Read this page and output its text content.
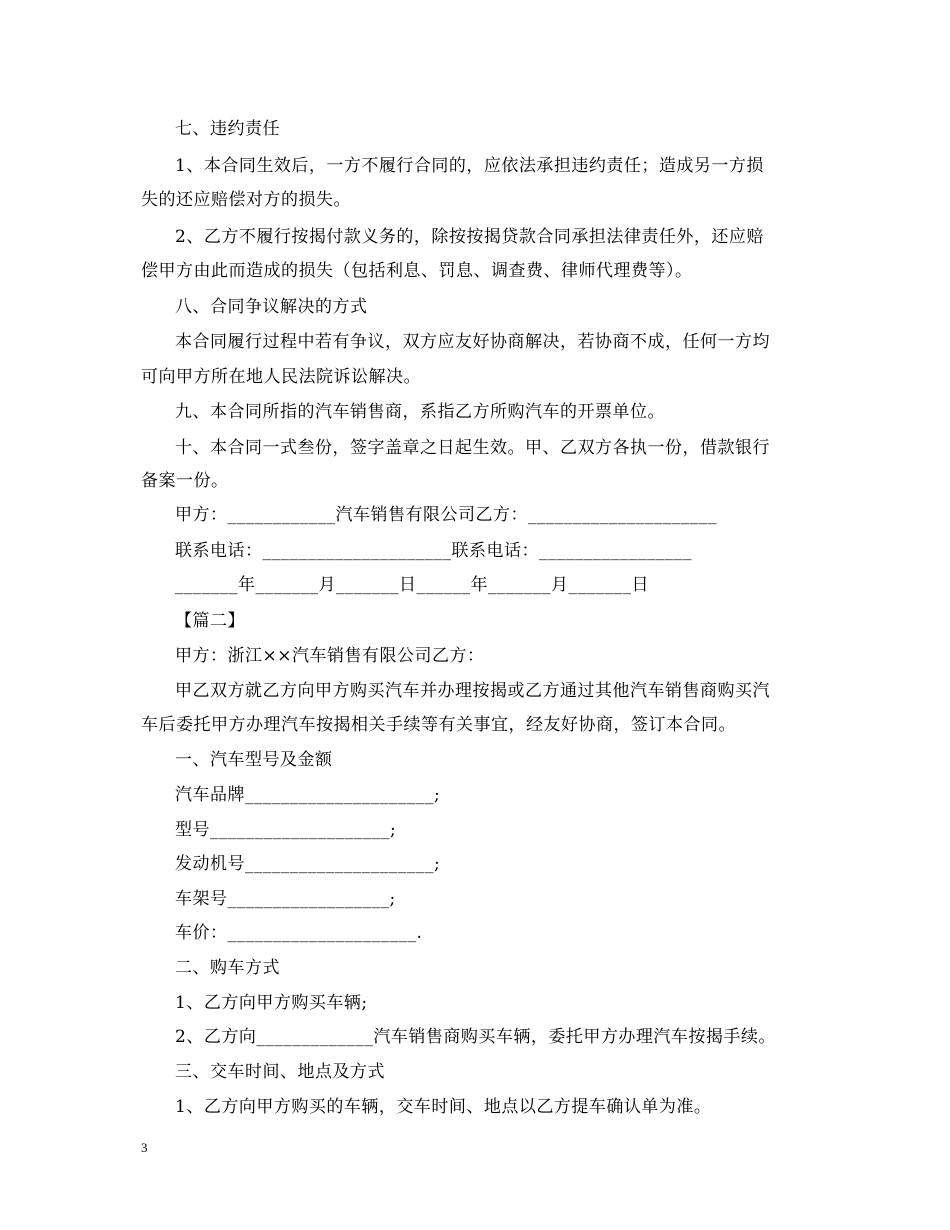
七、违约责任
1、本合同生效后，一方不履行合同的，应依法承担违约责任；造成另一方损
失的还应赔偿对方的损失。
2、乙方不履行按揭付款义务的，除按按揭贷款合同承担法律责任外，还应赔
偿甲方由此而造成的损失（包括利息、罚息、调查费、律师代理费等）。
八、合同争议解决的方式
本合同履行过程中若有争议，双方应友好协商解决，若协商不成，任何一方均
可向甲方所在地人民法院诉讼解决。
九、本合同所指的汽车销售商，系指乙方所购汽车的开票单位。
十、本合同一式叁份，签字盖章之日起生效。甲、乙双方各执一份，借款银行
备案一份。
甲方：____________汽车销售有限公司乙方：_____________________
联系电话：_____________________联系电话：_________________
_______年_______月_______日______年_______月_______日
【篇二】
甲方：浙江××汽车销售有限公司乙方：
甲乙双方就乙方向甲方购买汽车并办理按揭或乙方通过其他汽车销售商购买汽
车后委托甲方办理汽车按揭相关手续等有关事宜，经友好协商，签订本合同。
一、汽车型号及金额
汽车品牌_____________________;
型号____________________;
发动机号_____________________;
车架号__________________;
车价：_____________________.
二、购车方式
1、乙方向甲方购买车辆;
2、乙方向_____________汽车销售商购买车辆，委托甲方办理汽车按揭手续。
三、交车时间、地点及方式
1、乙方向甲方购买的车辆，交车时间、地点以乙方提车确认单为准。
3
